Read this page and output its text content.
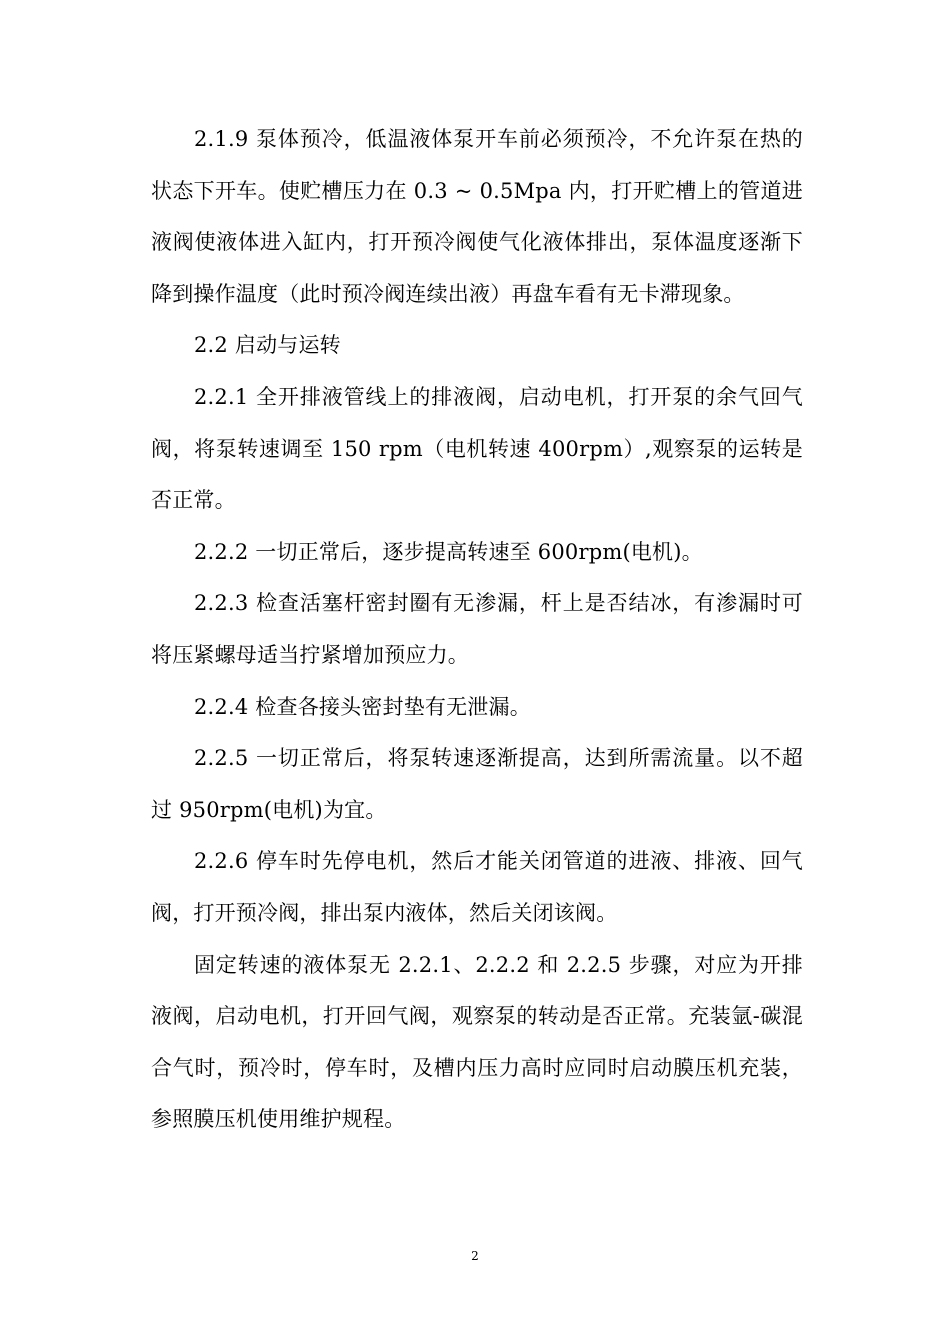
2.1.9 泵体预冷，低温液体泵开车前必须预冷，不允许泵在热的状态下开车。使贮槽压力在 0.3 ~ 0.5Mpa 内，打开贮槽上的管道进液阀使液体进入缸内，打开预冷阀使气化液体排出，泵体温度逐渐下降到操作温度（此时预冷阀连续出液）再盘车看有无卡滞现象。

2.2 启动与运转

2.2.1 全开排液管线上的排液阀，启动电机，打开泵的余气回气阀，将泵转速调至 150 rpm（电机转速 400rpm）,观察泵的运转是否正常。

2.2.2 一切正常后，逐步提高转速至 600rpm(电机)。

2.2.3 检查活塞杆密封圈有无渗漏，杆上是否结冰，有渗漏时可将压紧螺母适当拧紧增加预应力。

2.2.4 检查各接头密封垫有无泄漏。

2.2.5 一切正常后，将泵转速逐渐提高，达到所需流量。以不超过 950rpm(电机)为宜。

2.2.6 停车时先停电机，然后才能关闭管道的进液、排液、回气阀，打开预冷阀，排出泵内液体，然后关闭该阀。

固定转速的液体泵无 2.2.1、2.2.2 和 2.2.5 步骤，对应为开排液阀，启动电机，打开回气阀，观察泵的转动是否正常。充装氩-碳混合气时，预冷时，停车时，及槽内压力高时应同时启动膜压机充装，参照膜压机使用维护规程。

2
